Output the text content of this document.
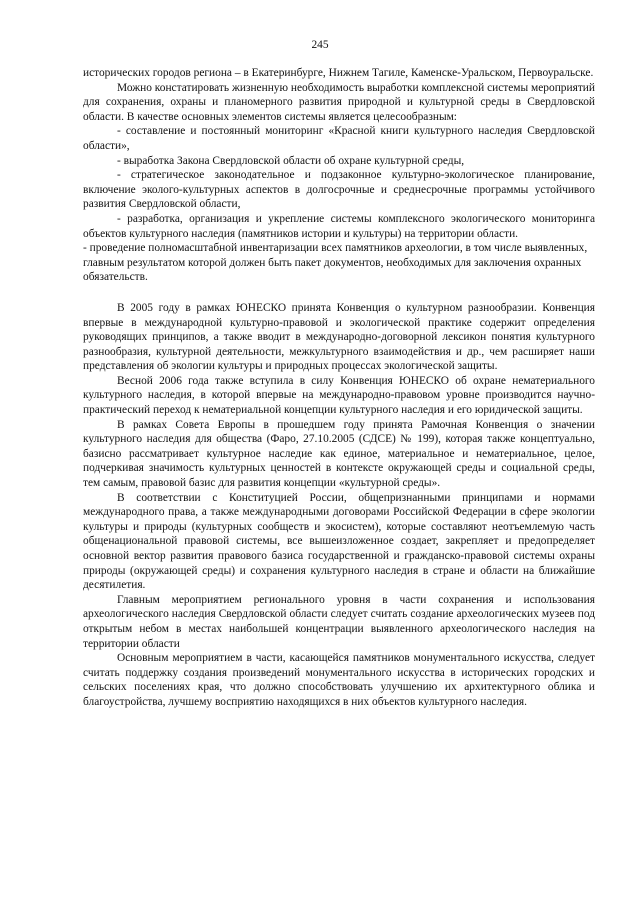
245

исторических городов региона – в Екатеринбурге, Нижнем Тагиле, Каменске-Уральском, Первоуральске.

Можно констатировать жизненную необходимость выработки комплексной системы мероприятий для сохранения, охраны и планомерного развития природной и культурной среды в Свердловской области. В качестве основных элементов системы является целесообразным:

- составление и постоянный мониторинг «Красной книги культурного наследия Свердловской области»,

- выработка Закона Свердловской области об охране культурной среды,

- стратегическое законодательное и подзаконное культурно-экологическое планирование, включение эколого-культурных аспектов в долгосрочные и среднесрочные программы устойчивого развития Свердловской области,

- разработка, организация и укрепление системы комплексного экологического мониторинга объектов культурного наследия (памятников истории и культуры) на территории области.

- проведение полномасштабной инвентаризации всех памятников археологии, в том числе выявленных, главным результатом которой должен быть пакет документов, необходимых для заключения охранных обязательств.

В 2005 году в рамках ЮНЕСКО принята Конвенция о культурном разнообразии. Конвенция впервые в международной культурно-правовой и экологической практике содержит определения руководящих принципов, а также вводит в международно-договорной лексикон понятия культурного разнообразия, культурной деятельности, межкультурного взаимодействия и др., чем расширяет наши представления об экологии культуры и природных процессах экологической защиты.

Весной 2006 года также вступила в силу Конвенция ЮНЕСКО об охране нематериального культурного наследия, в которой впервые на международно-правовом уровне производится научно-практический переход к нематериальной концепции культурного наследия и его юридической защиты.

В рамках Совета Европы в прошедшем году принята Рамочная Конвенция о значении культурного наследия для общества (Фаро, 27.10.2005 (СДСЕ) № 199), которая также концептуально, базисно рассматривает культурное наследие как единое, материальное и нематериальное, целое, подчеркивая значимость культурных ценностей в контексте окружающей среды и социальной среды, тем самым, правовой базис для развития концепции «культурной среды».

В соответствии с Конституцией России, общепризнанными принципами и нормами международного права, а также международными договорами Российской Федерации в сфере экологии культуры и природы (культурных сообществ и экосистем), которые составляют неотъемлемую часть общенациональной правовой системы, все вышеизложенное создает, закрепляет и предопределяет основной вектор развития правового базиса государственной и гражданско-правовой системы охраны природы (окружающей среды) и сохранения культурного наследия в стране и области на ближайшие десятилетия.

Главным мероприятием регионального уровня в части сохранения и использования археологического наследия Свердловской области следует считать создание археологических музеев под открытым небом в местах наибольшей концентрации выявленного археологического наследия на территории области

Основным мероприятием в части, касающейся памятников монументального искусства, следует считать поддержку создания произведений монументального искусства в исторических городских и сельских поселениях края, что должно способствовать улучшению их архитектурного облика и благоустройства, лучшему восприятию находящихся в них объектов культурного наследия.
